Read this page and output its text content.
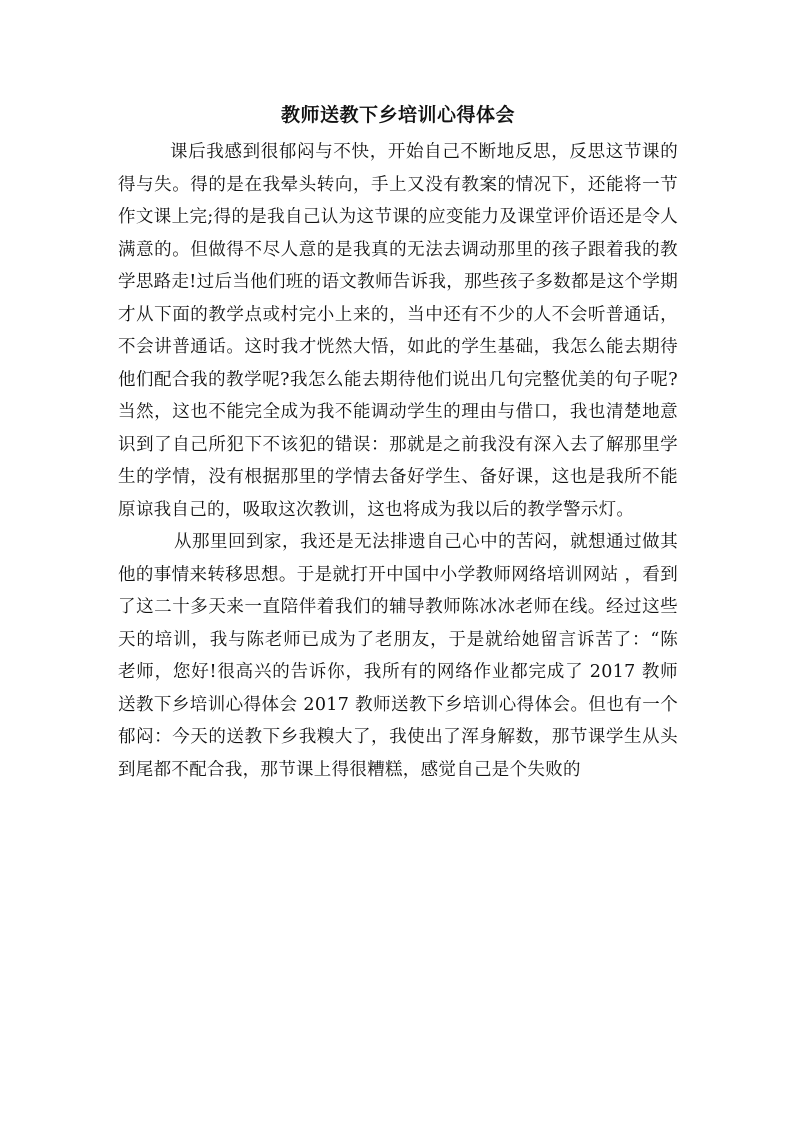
教师送教下乡培训心得体会

课后我感到很郁闷与不快，开始自己不断地反思，反思这节课的得与失。得的是在我晕头转向，手上又没有教案的情况下，还能将一节作文课上完;得的是我自己认为这节课的应变能力及课堂评价语还是令人满意的。但做得不尽人意的是我真的无法去调动那里的孩子跟着我的教学思路走!过后当他们班的语文教师告诉我，那些孩子多数都是这个学期才从下面的教学点或村完小上来的，当中还有不少的人不会听普通话，不会讲普通话。这时我才恍然大悟，如此的学生基础，我怎么能去期待他们配合我的教学呢?我怎么能去期待他们说出几句完整优美的句子呢?当然，这也不能完全成为我不能调动学生的理由与借口，我也清楚地意识到了自己所犯下不该犯的错误：那就是之前我没有深入去了解那里学生的学情，没有根据那里的学情去备好学生、备好课，这也是我所不能原谅我自己的，吸取这次教训，这也将成为我以后的教学警示灯。

从那里回到家，我还是无法排遗自己心中的苦闷，就想通过做其他的事情来转移思想。于是就打开中国中小学教师网络培训网站 ，看到了这二十多天来一直陪伴着我们的辅导教师陈冰冰老师在线。经过这些天的培训，我与陈老师已成为了老朋友，于是就给她留言诉苦了：“陈老师，您好!很高兴的告诉你，我所有的网络作业都完成了 2017 教师送教下乡培训心得体会 2017 教师送教下乡培训心得体会。但也有一个郁闷：今天的送教下乡我糗大了，我使出了浑身解数，那节课学生从头到尾都不配合我，那节课上得很糟糕，感觉自己是个失败的
